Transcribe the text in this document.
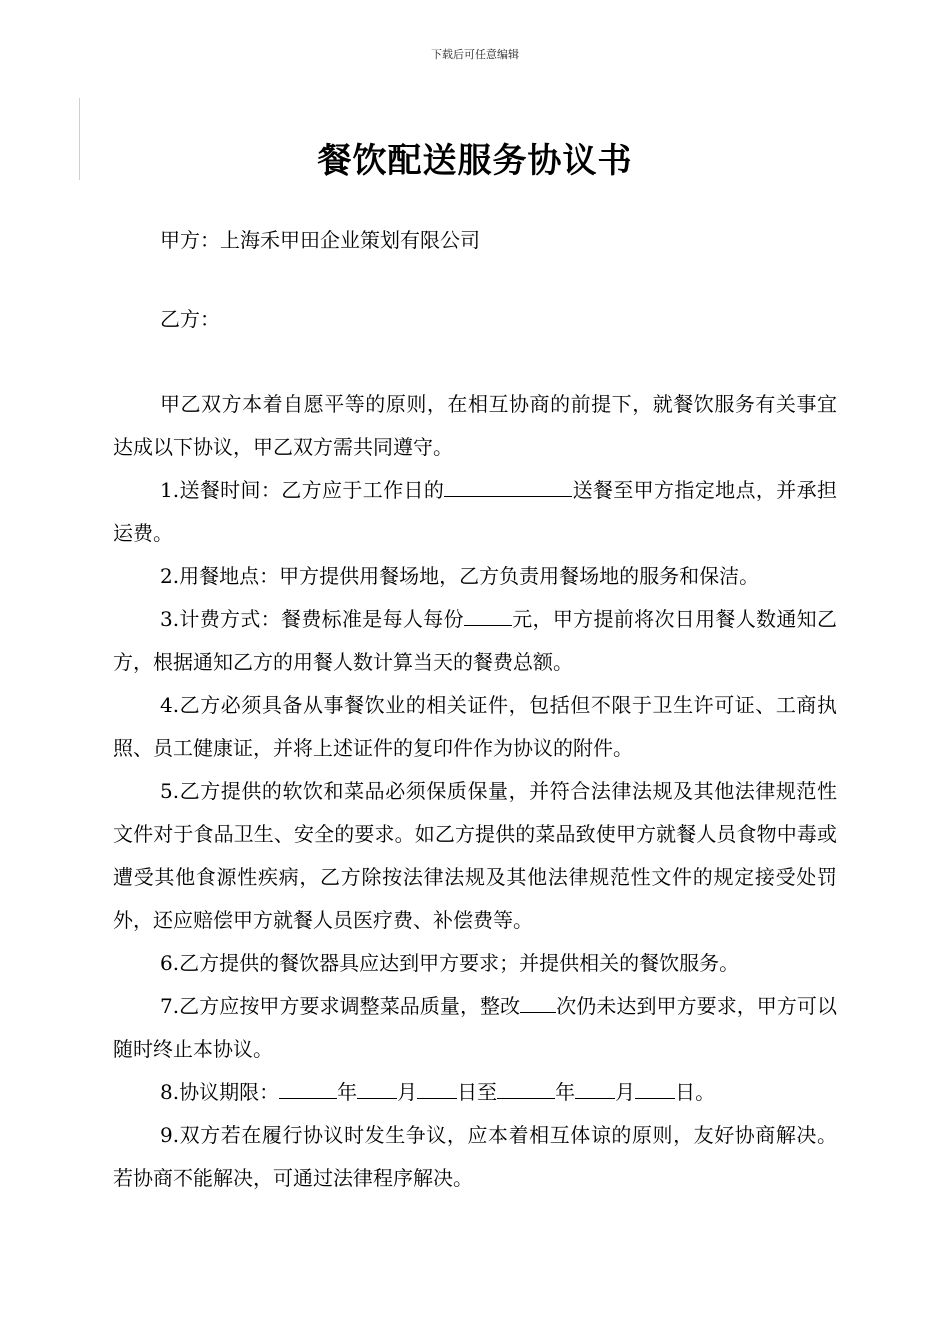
下载后可任意编辑
餐饮配送服务协议书
甲方：上海禾甲田企业策划有限公司
乙方：

甲乙双方本着自愿平等的原则，在相互协商的前提下，就餐饮服务有关事宜达成以下协议，甲乙双方需共同遵守。

1.送餐时间：乙方应于工作日的	送餐至甲方指定地点，并承担运费。

2.用餐地点：甲方提供用餐场地，乙方负责用餐场地的服务和保洁。

3.计费方式：餐费标准是每人每份 元，甲方提前将次日用餐人数通知乙方，根据通知乙方的用餐人数计算当天的餐费总额。

4.乙方必须具备从事餐饮业的相关证件，包括但不限于卫生许可证、工商执照、员工健康证，并将上述证件的复印件作为协议的附件。

5.乙方提供的软饮和菜品必须保质保量，并符合法律法规及其他法律规范性文件对于食品卫生、安全的要求。如乙方提供的菜品致使甲方就餐人员食物中毒或遭受其他食源性疾病，乙方除按法律法规及其他法律规范性文件的规定接受处罚外，还应赔偿甲方就餐人员医疗费、补偿费等。

6.乙方提供的餐饮器具应达到甲方要求；并提供相关的餐饮服务。

7.乙方应按甲方要求调整菜品质量，整改 次仍未达到甲方要求，甲方可以随时终止本协议。

8.协议期限：	年 月 日至	年 月 日。

9.双方若在履行协议时发生争议，应本着相互体谅的原则，友好协商解决。若协商不能解决，可通过法律程序解决。
